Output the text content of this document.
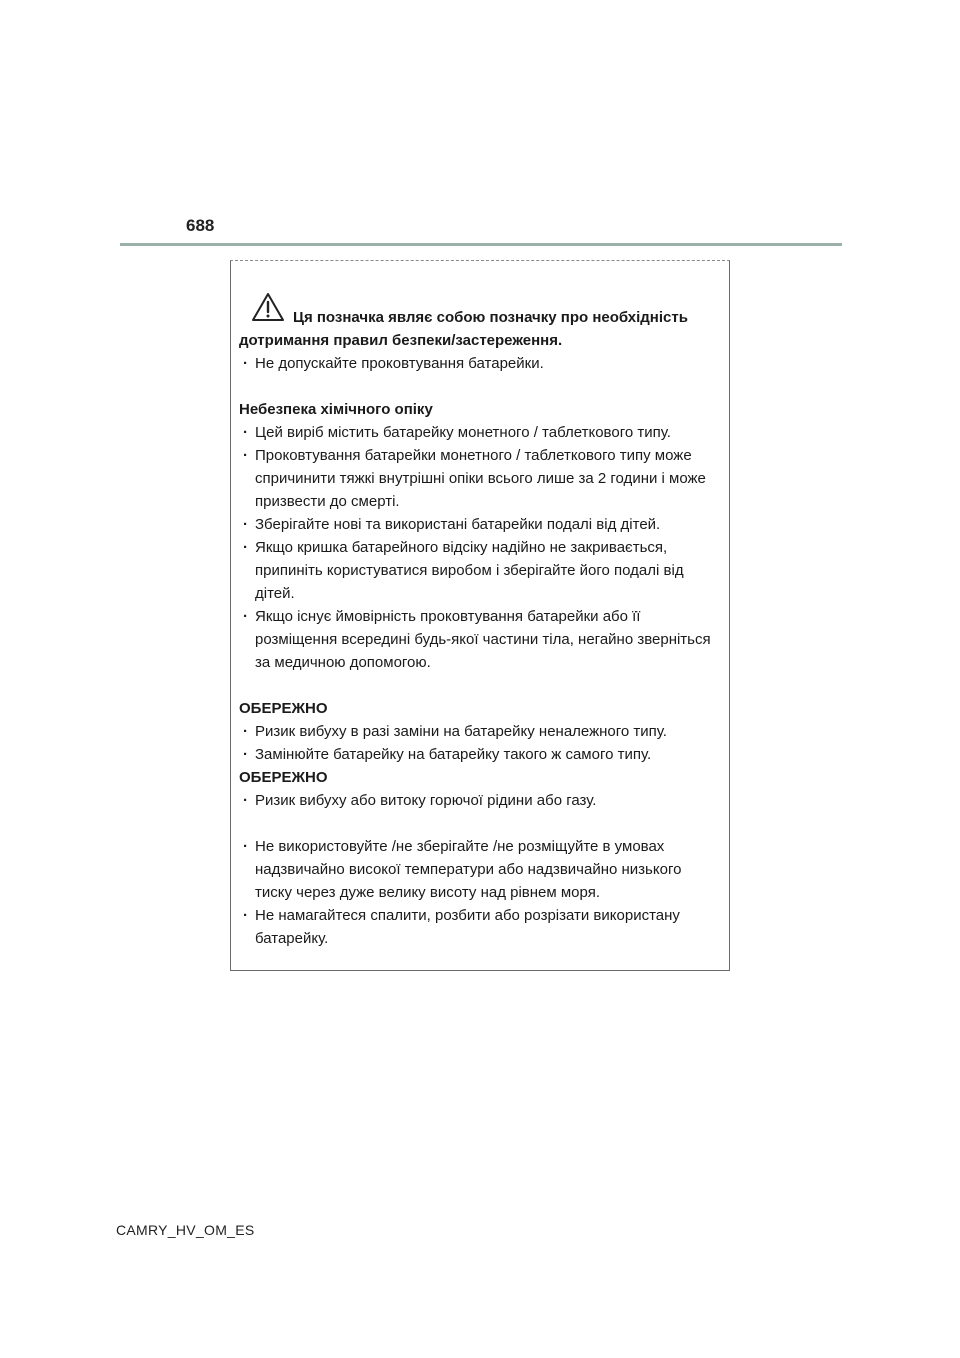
688

Ця позначка являє собою позначку про необхідність дотримання правил безпеки/застереження.

· Не допускайте проковтування батарейки.

Небезпека хімічного опіку

· Цей виріб містить батарейку монетного / таблеткового типу.

· Проковтування батарейки монетного / таблеткового типу може спричинити тяжкі внутрішні опіки всього лише за 2 години і може призвести до смерті.

· Зберігайте нові та використані батарейки подалі від дітей.

· Якщо кришка батарейного відсіку надійно не закривається, припиніть користуватися виробом і зберігайте його подалі від дітей.

· Якщо існує ймовірність проковтування батарейки або її розміщення всередині будь-якої частини тіла, негайно зверніться за медичною допомогою.

ОБЕРЕЖНО

· Ризик вибуху в разі заміни на батарейку неналежного типу.

· Замінюйте батарейку на батарейку такого ж самого типу.

ОБЕРЕЖНО

· Ризик вибуху або витоку горючої рідини або газу.

· Не використовуйте /не зберігайте /не розміщуйте в умовах надзвичайно високої температури або надзвичайно низького тиску через дуже велику висоту над рівнем моря.

· Не намагайтеся спалити, розбити або розрізати використану батарейку.

CAMRY_HV_OM_ES
